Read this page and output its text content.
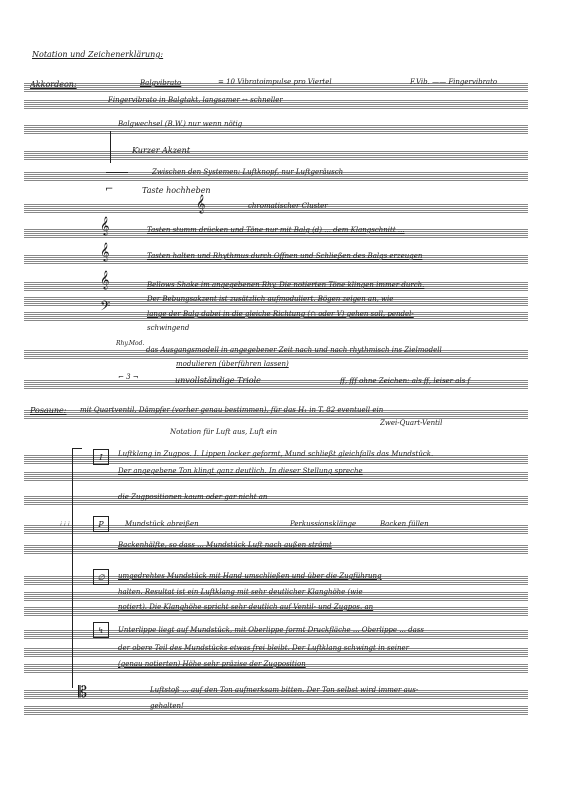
Notation und Zeichenerklärung:
Akkordeon:	Balgvibrato	= 10 Vibratoimpulse pro Viertel	F.Vib. —— Fingervibrato
Fingervibrato in Balgtakt, langsamer ↔ schneller
Balgwechsel (B.W.) nur wenn nötig
Kurzer Akzent
Zwischen den Systemen: Luftknopf, nur Luftgeräusch
⌐	Taste hochheben
𝄞	chromatischer Cluster
𝄞	Tasten stumm drücken und Töne nur mit Balg (d) ... dem Klangschnitt ...
𝄞	Tasten halten und Rhythmus durch Öffnen und Schließen des Balgs erzeugen
𝄞
𝄢
Bellows Shake im angegebenen Rhy. Die notierten Töne klingen immer durch.
Der Bebungsakzent ist zusätzlich aufmoduliert. Bögen zeigen an, wie
lange der Balg dabei in die gleiche Richtung (∩ oder V) gehen soll, pendel-
schwingend
Rhy.Mod.
das Ausgangsmodell in angegebener Zeit nach und nach rhythmisch ins Zielmodell
modulieren (überführen lassen)
⌐ 3 ¬	unvollständige Triole	ff, fff ohne Zeichen: als ff, leiser als f
Posaune:	mit Quartventil, Dämpfer (vorher genau bestimmen), für das H₁ in T. 82 eventuell ein
Zwei-Quart-Ventil
Notation für Luft aus, Luft ein
⁞ ⁞ ⁞
I	Luftklang in Zugpos. I. Lippen locker geformt, Mund schließt gleichfalls das Mundstück.
Der angegebene Ton klingt ganz deutlich. In dieser Stellung spreche
die Zugpositionen kaum oder gar nicht an
P	Mundstück abreißen	Perkussionsklänge	Backen füllen
Backenhälfte, so dass ... Mundstück Luft nach außen strömt
∅	umgedrehtes Mundstück mit Hand umschließen und über die Zugführung
halten. Resultat ist ein Luftklang mit sehr deutlicher Klanghöhe (wie
notiert). Die Klanghöhe spricht sehr deutlich auf Ventil- und Zugpos. an
↯	Unterlippe liegt auf Mundstück, mit Oberlippe formt Druckfläche ... Oberlippe ... dass
der obere Teil des Mundstücks etwas frei bleibt. Der Luftklang schwingt in seiner
(genau notierten) Höhe sehr präzise der Zugposition
𝄡	Luftstoß ... auf den Ton aufmerksam bitten. Der Ton selbst wird immer aus-
gehalten!
